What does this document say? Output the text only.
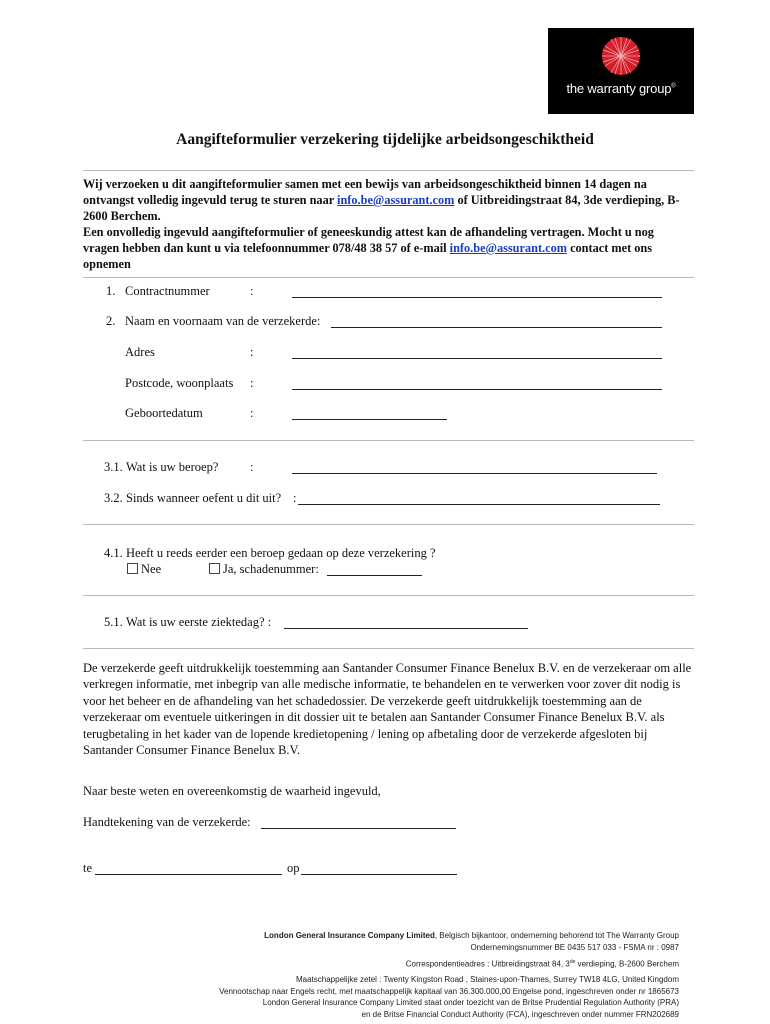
the warranty group®
Aangifteformulier verzekering tijdelijke arbeidsongeschiktheid
Wij verzoeken u dit aangifteformulier samen met een bewijs van arbeidsongeschiktheid binnen 14 dagen na ontvangst volledig ingevuld terug te sturen naar info.be@assurant.com of Uitbreidingstraat 84, 3de verdieping, B-2600 Berchem.
Een onvolledig ingevuld aangifteformulier of geneeskundig attest kan de afhandeling vertragen. Mocht u nog vragen hebben dan kunt u via telefoonnummer 078/48 38 57 of e-mail info.be@assurant.com contact met ons opnemen
1. Contractnummer	:
2. Naam en voornaam van de verzekerde:
Adres	:
Postcode, woonplaats :
Geboortedatum	:
3.1. Wat is uw beroep?	:
3.2. Sinds wanneer oefent u dit uit? :
4.1. Heeft u reeds eerder een beroep gedaan op deze verzekering ?
Nee	Ja, schadenummer:
5.1. Wat is uw eerste ziektedag? :
De verzekerde geeft uitdrukkelijk toestemming aan Santander Consumer Finance Benelux B.V. en de verzekeraar om alle verkregen informatie, met inbegrip van alle medische informatie, te behandelen en te verwerken voor zover dit nodig is voor het beheer en de afhandeling van het schadedossier. De verzekerde geeft uitdrukkelijk toestemming aan de verzekeraar om eventuele uitkeringen in dit dossier uit te betalen aan Santander Consumer Finance Benelux B.V. als terugbetaling in het kader van de lopende kredietopening / lening op afbetaling door de verzekerde afgesloten bij Santander Consumer Finance Benelux B.V.
Naar beste weten en overeenkomstig de waarheid ingevuld,
Handtekening van de verzekerde:
te	op
London General Insurance Company Limited, Belgisch bijkantoor, onderneming behorend tot The Warranty Group
Ondernemingsnummer BE 0435 517 033 - FSMA nr : 0987
Correspondentieadres : Uitbreidingstraat 84, 3de verdieping, B-2600 Berchem
Maatschappelijke zetel : Twenty Kingston Road , Staines-upon-Thames, Surrey TW18 4LG, United Kingdom
Vennootschap naar Engels recht, met maatschappelijk kapitaal van 36.300.000,00 Engelse pond, ingeschreven onder nr 1865673
London General Insurance Company Limited staat onder toezicht van de Britse Prudential Regulation Authority (PRA)
en de Britse Financial Conduct Authority (FCA), ingeschreven onder nummer FRN202689
